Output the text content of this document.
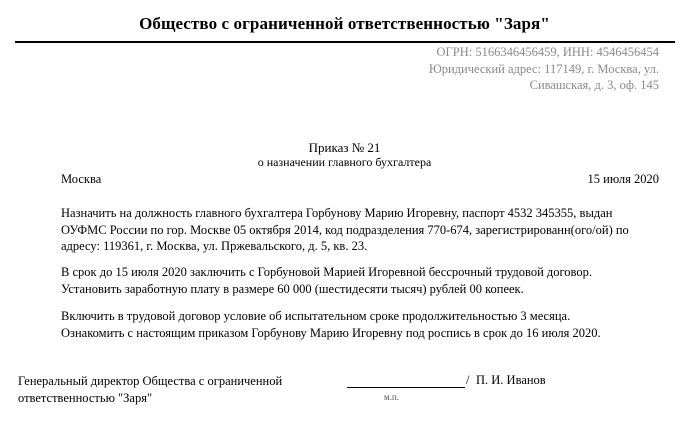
Общество с ограниченной ответственностью "Заря"
ОГРН: 5166346456459, ИНН: 4546456454
Юридический адрес: 117149, г. Москва, ул.
Сивашская, д. 3, оф. 145
Приказ № 21
о назначении главного бухгалтера
Москва	15 июля 2020
Назначить на должность главного бухгалтера Горбунову Марию Игоревну, паспорт 4532 345355, выдан
ОУФМС России по гор. Москве 05 октября 2014, код подразделения 770-674, зарегистрированн(ого/ой) по
адресу: 119361, г. Москва, ул. Пржевальского, д. 5, кв. 23.
В срок до 15 июля 2020 заключить с Горбуновой Марией Игоревной бессрочный трудовой договор.
Установить заработную плату в размере 60 000 (шестидесяти тысяч) рублей 00 копеек.
Включить в трудовой договор условие об испытательном сроке продолжительностью 3 месяца.
Ознакомить с настоящим приказом Горбунову Марию Игоревну под роспись в срок до 16 июля 2020.
Генеральный директор Общества с ограниченной
ответственностью "Заря"
/ П. И. Иванов
м.п.
